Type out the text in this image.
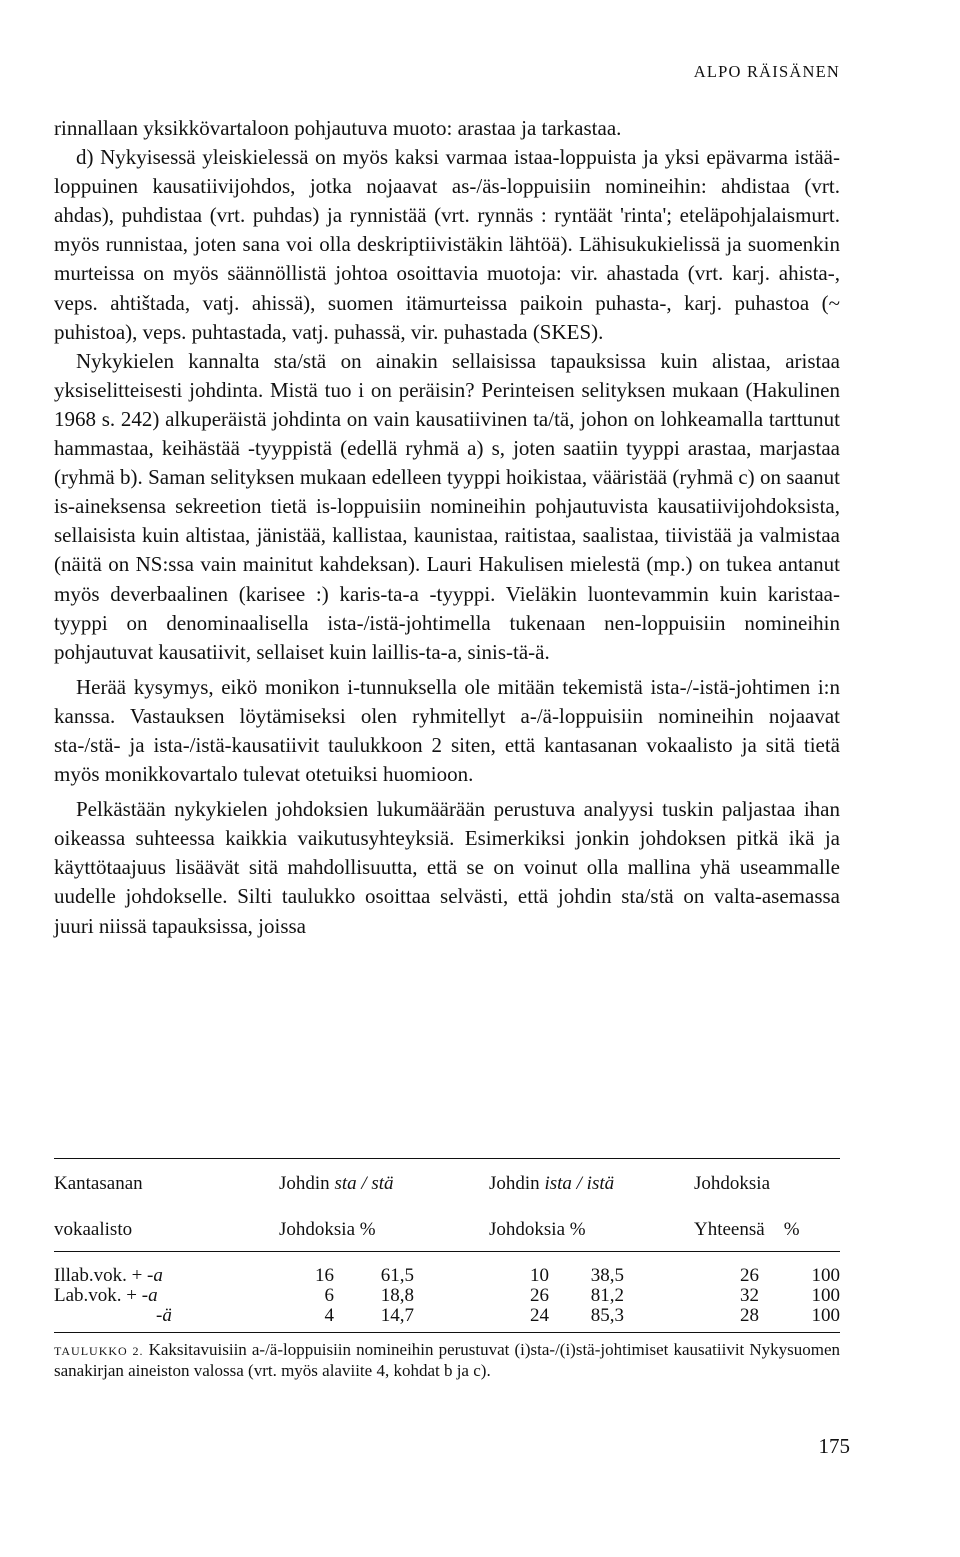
ALPO RÄISÄNEN

rinnallaan yksikkövartaloon pohjautuva muoto: arastaa ja tarkastaa.

d) Nykyisessä yleiskielessä on myös kaksi varmaa istaa-loppuista ja yksi epävarma istää-loppuinen kausatiivijohdos, jotka nojaavat as-/äs-loppuisiin nomineihin: ahdistaa (vrt. ahdas), puhdistaa (vrt. puhdas) ja rynnistää (vrt. rynnäs : ryntäät 'rinta'; eteläpohjalaismurt. myös runnistaa, joten sana voi olla deskriptiivistäkin lähtöä). Lähisukukielissä ja suomenkin murteissa on myös säännöllistä johtoa osoittavia muotoja: vir. ahastada (vrt. karj. ahista-, veps. ahtištada, vatj. ahissä), suomen itämurteissa paikoin puhasta-, karj. puhastoa (~ puhistoa), veps. puhtastada, vatj. puhassä, vir. puhastada (SKES).

Nykykielen kannalta sta/stä on ainakin sellaisissa tapauksissa kuin alistaa, aristaa yksiselitteisesti johdinta. Mistä tuo i on peräisin? Perinteisen selityksen mukaan (Hakulinen 1968 s. 242) alkuperäistä johdinta on vain kausatiivinen ta/tä, johon on lohkeamalla tarttunut hammastaa, keihästää -tyyppistä (edellä ryhmä a) s, joten saatiin tyyppi arastaa, marjastaa (ryhmä b). Saman selityksen mukaan edelleen tyyppi hoikistaa, vääristää (ryhmä c) on saanut is-aineksensa sekreetion tietä is-loppuisiin nomineihin pohjautuvista kausatiivijohdoksista, sellaisista kuin altistaa, jänistää, kallistaa, kaunistaa, raitistaa, saalistaa, tiivistää ja valmistaa (näitä on NS:ssa vain mainitut kahdeksan). Lauri Hakulisen mielestä (mp.) on tukea antanut myös deverbaalinen (karisee :) karis-ta-a -tyyppi. Vieläkin luontevammin kuin karistaa-tyyppi on denominaalisella ista-/istä-johtimella tukenaan nen-loppuisiin nomineihin pohjautuvat kausatiivit, sellaiset kuin laillis-ta-a, sinis-tä-ä.

Herää kysymys, eikö monikon i-tunnuksella ole mitään tekemistä ista-/-istä-johtimen i:n kanssa. Vastauksen löytämiseksi olen ryhmitellyt a-/ä-loppuisiin nomineihin nojaavat sta-/stä- ja ista-/istä-kausatiivit taulukkoon 2 siten, että kantasanan vokaalisto ja sitä tietä myös monikkovartalo tulevat otetuiksi huomioon.

Pelkästään nykykielen johdoksien lukumäärään perustuva analyysi tuskin paljastaa ihan oikeassa suhteessa kaikkia vaikutusyhteyksiä. Esimerkiksi jonkin johdoksen pitkä ikä ja käyttötaajuus lisäävät sitä mahdollisuutta, että se on voinut olla mallina yhä useammalle uudelle johdokselle. Silti taulukko osoittaa selvästi, että johdin sta/stä on valta-asemassa juuri niissä tapauksissa, joissa

Kantasanan	Johdin sta / stä	Johdin ista / istä	Johdoksia
vokaalisto	Johdoksia %	Johdoksia %	Yhteensä %
Illab.vok. + -a	16	61,5	10	38,5	26	100
Lab.vok. + -a	6	18,8	26	81,2	32	100
-ä	4	14,7	24	85,3	28	100
TAULUKKO 2. Kaksitavuisiin a-/ä-loppuisiin nomineihin perustuvat (i)sta-/(i)stä-johtimiset kausatiivit Nykysuomen sanakirjan aineiston valossa (vrt. myös alaviite 4, kohdat b ja c).
175
